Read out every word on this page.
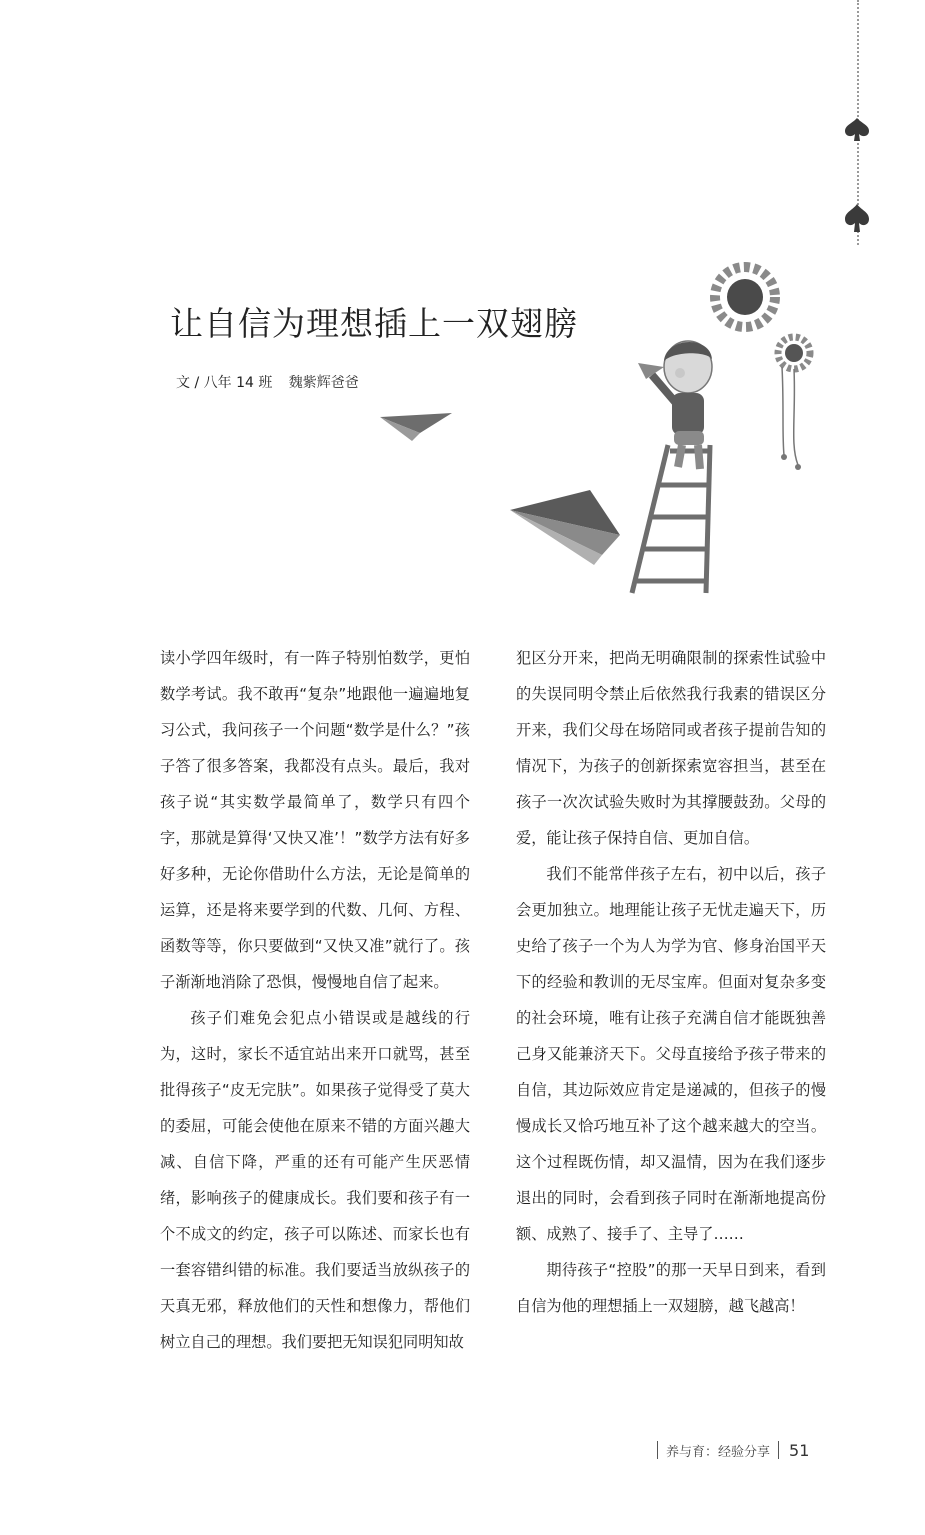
让自信为理想插上一双翅膀
文 / 八年 14 班 魏紫辉爸爸

读小学四年级时，有一阵子特别怕数学，更怕数学考试。我不敢再“复杂”地跟他一遍遍地复习公式，我问孩子一个问题“数学是什么？”孩子答了很多答案，我都没有点头。最后，我对孩子说“其实数学最简单了，数学只有四个字，那就是算得‘又快又准’！”数学方法有好多好多种，无论你借助什么方法，无论是简单的运算，还是将来要学到的代数、几何、方程、函数等等，你只要做到“又快又准”就行了。孩子渐渐地消除了恐惧，慢慢地自信了起来。

孩子们难免会犯点小错误或是越线的行为，这时，家长不适宜站出来开口就骂，甚至批得孩子“皮无完肤”。如果孩子觉得受了莫大的委屈，可能会使他在原来不错的方面兴趣大减、自信下降，严重的还有可能产生厌恶情绪，影响孩子的健康成长。我们要和孩子有一个不成文的约定，孩子可以陈述、而家长也有一套容错纠错的标准。我们要适当放纵孩子的天真无邪，释放他们的天性和想像力，帮他们树立自己的理想。我们要把无知误犯同明知故

犯区分开来，把尚无明确限制的探索性试验中的失误同明令禁止后依然我行我素的错误区分开来，我们父母在场陪同或者孩子提前告知的情况下，为孩子的创新探索宽容担当，甚至在孩子一次次试验失败时为其撑腰鼓劲。父母的爱，能让孩子保持自信、更加自信。

我们不能常伴孩子左右，初中以后，孩子会更加独立。地理能让孩子无忧走遍天下，历史给了孩子一个为人为学为官、修身治国平天下的经验和教训的无尽宝库。但面对复杂多变的社会环境，唯有让孩子充满自信才能既独善己身又能兼济天下。父母直接给予孩子带来的自信，其边际效应肯定是递减的，但孩子的慢慢成长又恰巧地互补了这个越来越大的空当。这个过程既伤情，却又温情，因为在我们逐步退出的同时，会看到孩子同时在渐渐地提高份额、成熟了、接手了、主导了……

期待孩子“控股”的那一天早日到来，看到自信为他的理想插上一双翅膀，越飞越高！

养与育：经验分享 51
